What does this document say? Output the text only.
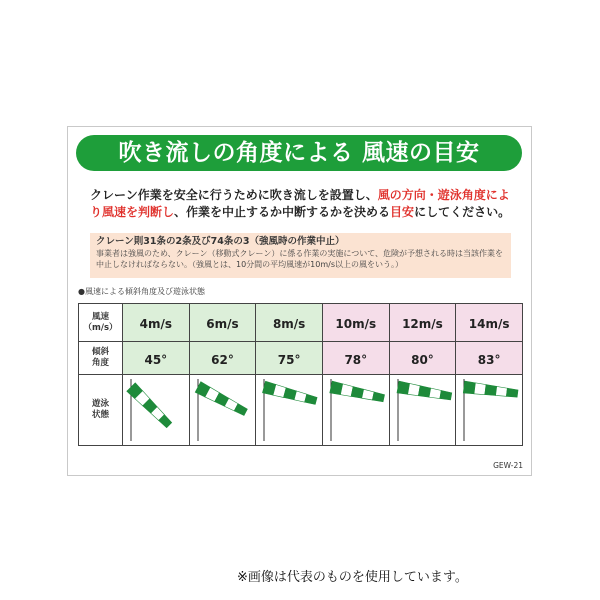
吹き流しの角度による 風速の目安
クレーン作業を安全に行うために吹き流しを設置し、風の方向・遊泳角度により風速を判断し、作業を中止するか中断するかを決める目安にしてください。
クレーン則31条の2条及び74条の3（強風時の作業中止）
事業者は強風のため、クレーン（移動式クレーン）に係る作業の実施について、危険が予想される時は当該作業を中止しなければならない。（強風とは、10分間の平均風速が10m/s以上の風をいう。）
●風速による傾斜角度及び遊泳状態
風速
（m/s）	4m/s	6m/s	8m/s	10m/s	12m/s	14m/s

傾斜
角度	45°	62°	75°	78°	80°	83°

遊泳
状態

GEW-21
※画像は代表のものを使用しています。
